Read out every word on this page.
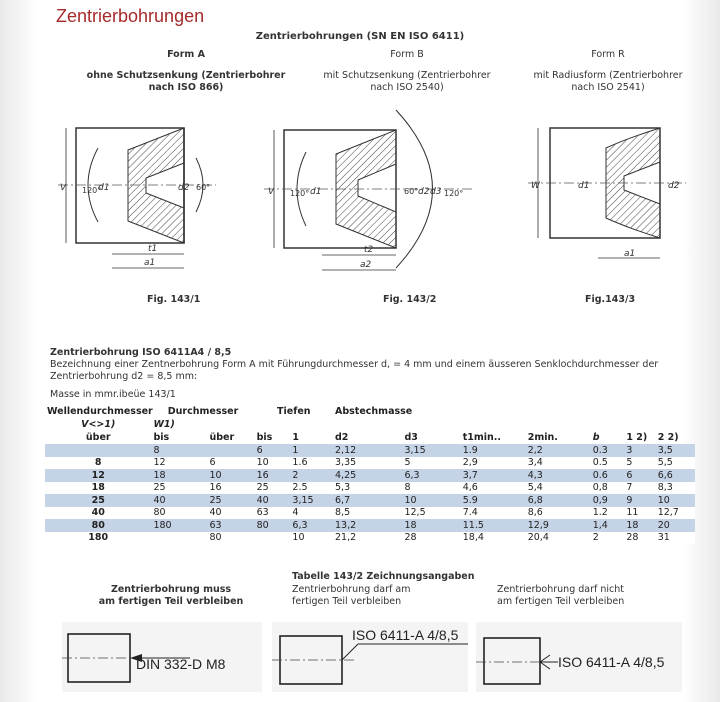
Zentrierbohrungen
Zentrierbohrungen (SN EN ISO 6411)
Form A
ohne Schutzsenkung (Zentrierbohrer
nach ISO 866)
Form B
mit Schutzsenkung (Zentrierbohrer
nach ISO 2540)
Form R
mit Radiusform (Zentrierbohrer
nach ISO 2541)
V 120°
d1	d2 60°
t1
a1
Fig. 143/1
V 120° d1	60° d2 d3 120°
t2
a2
Fig. 143/2
W	d1	d2
a1
Fig.143/3
Zentrierbohrung ISO 6411A4 / 8,5
Bezeichnung einer Zentnerbohrung Form A mit Führungdurchmesser d, = 4 mm und einem äusseren Senklochdurchmesser der
Zentrierbohrung d2 = 8,5 mm:
Masse in mmr.ibeüe 143/1
Wellendurchmesser	Durchmesser		Tiefen		Abstechmasse						
V<>1)	W1)										
über	bis	über	bis	1	d2	d3	t1min..	2min.	b	1 2)	2 2)
	8		6	1	2,12	3,15	1.9	2,2	0.3	3	3,5
8	12	6	10	1.6	3,35	5	2,9	3,4	0.5	5	5,5
12	18	10	16	2	4,25	6,3	3,7	4,3	0.6	6	6,6
18	25	16	25	2.5	5,3	8	4,6	5,4	0,8	7	8,3
25	40	25	40	3,15	6,7	10	5.9	6,8	0,9	9	10
40	80	40	63	4	8,5	12,5	7.4	8,6	1.2	11	12,7
80	180	63	80	6,3	13,2	18	11.5	12,9	1,4	18	20
180		80		10	21,2	28	18,4	20,4	2	28	31
Tabelle 143/2 Zeichnungsangaben
Zentrierbohrung muss
am fertigen Teil verbleiben
Zentrierbohrung darf am
fertigen Teil verbleiben
Zentrierbohrung darf nicht
am fertigen Teil verbleiben
DIN 332-D M8
ISO 6411-A 4/8,5
ISO 6411-A 4/8,5
